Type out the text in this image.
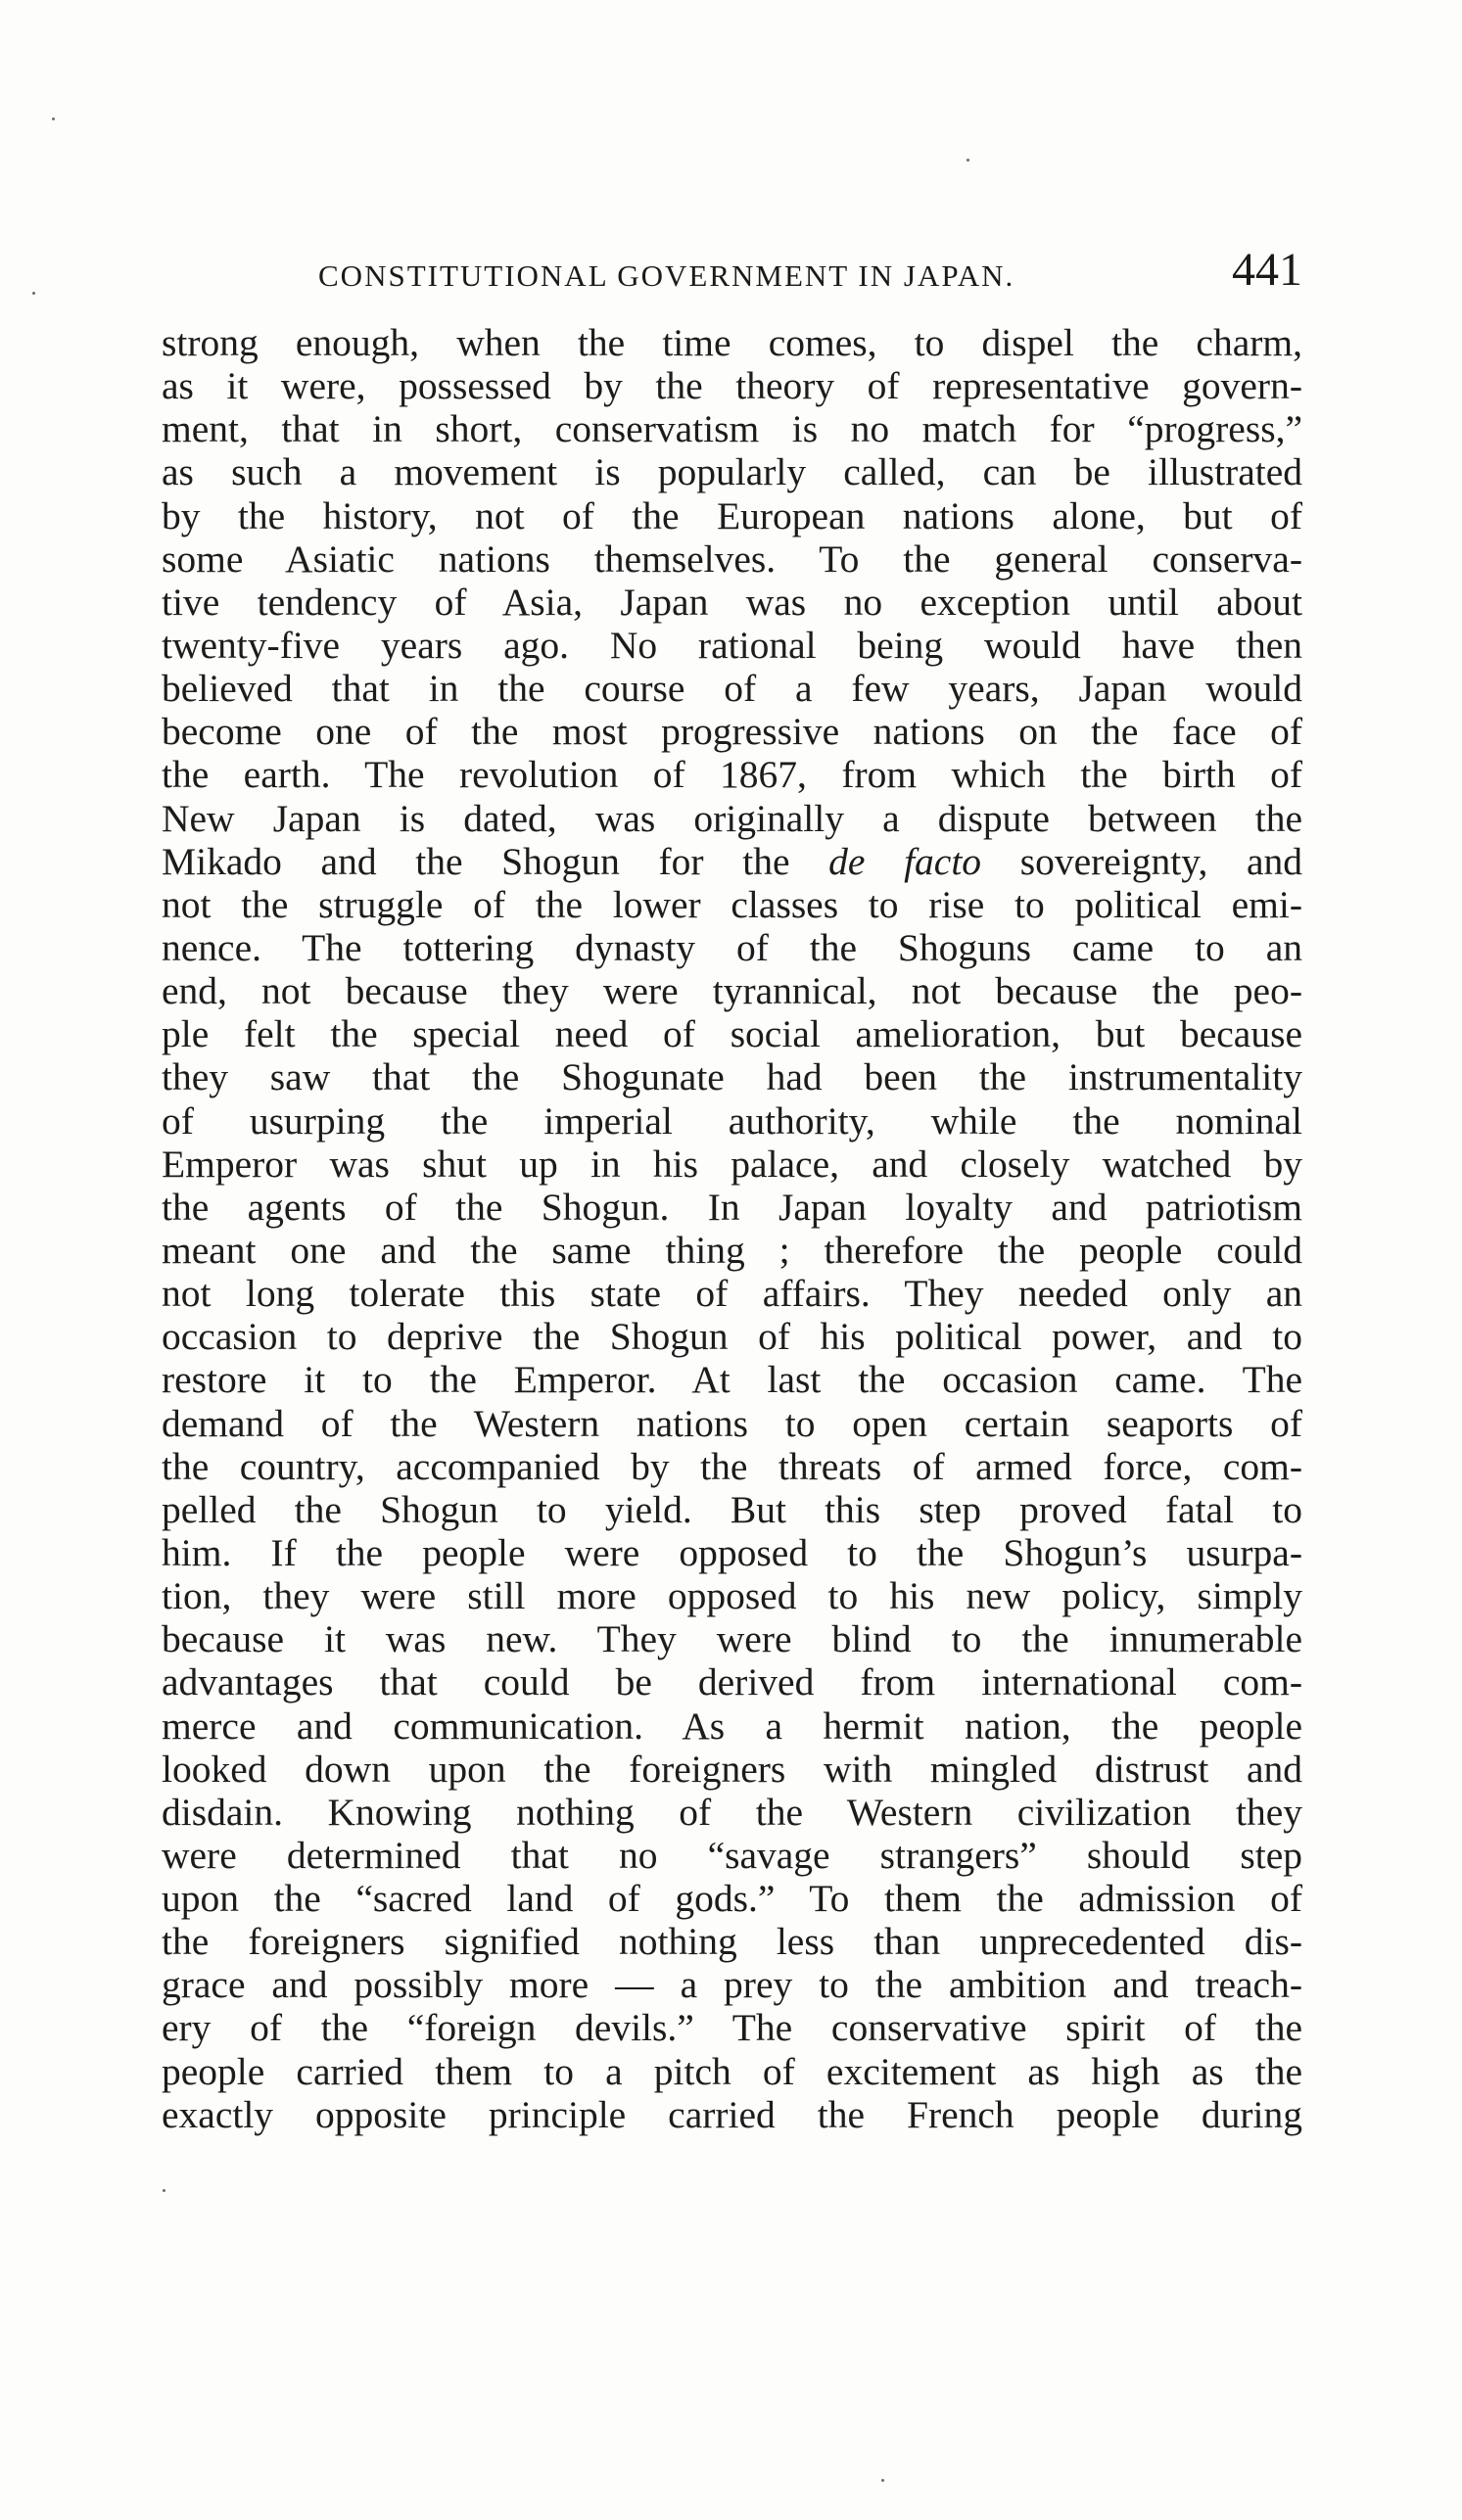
CONSTITUTIONAL GOVERNMENT IN JAPAN.	441
strong enough, when the time comes, to dispel the charm,
as it were, possessed by the theory of representative govern-
ment, that in short, conservatism is no match for “progress,”
as such a movement is popularly called, can be illustrated
by the history, not of the European nations alone, but of
some Asiatic nations themselves. To the general conserva-
tive tendency of Asia, Japan was no exception until about
twenty-five years ago. No rational being would have then
believed that in the course of a few years, Japan would
become one of the most progressive nations on the face of
the earth. The revolution of 1867, from which the birth of
New Japan is dated, was originally a dispute between the
Mikado and the Shogun for the de facto sovereignty, and
not the struggle of the lower classes to rise to political emi-
nence. The tottering dynasty of the Shoguns came to an
end, not because they were tyrannical, not because the peo-
ple felt the special need of social amelioration, but because
they saw that the Shogunate had been the instrumentality
of usurping the imperial authority, while the nominal
Emperor was shut up in his palace, and closely watched by
the agents of the Shogun. In Japan loyalty and patriotism
meant one and the same thing ; therefore the people could
not long tolerate this state of affairs. They needed only an
occasion to deprive the Shogun of his political power, and to
restore it to the Emperor. At last the occasion came. The
demand of the Western nations to open certain seaports of
the country, accompanied by the threats of armed force, com-
pelled the Shogun to yield. But this step proved fatal to
him. If the people were opposed to the Shogun’s usurpa-
tion, they were still more opposed to his new policy, simply
because it was new. They were blind to the innumerable
advantages that could be derived from international com-
merce and communication. As a hermit nation, the people
looked down upon the foreigners with mingled distrust and
disdain. Knowing nothing of the Western civilization they
were determined that no “savage strangers” should step
upon the “sacred land of gods.” To them the admission of
the foreigners signified nothing less than unprecedented dis-
grace and possibly more — a prey to the ambition and treach-
ery of the “foreign devils.” The conservative spirit of the
people carried them to a pitch of excitement as high as the
exactly opposite principle carried the French people during
